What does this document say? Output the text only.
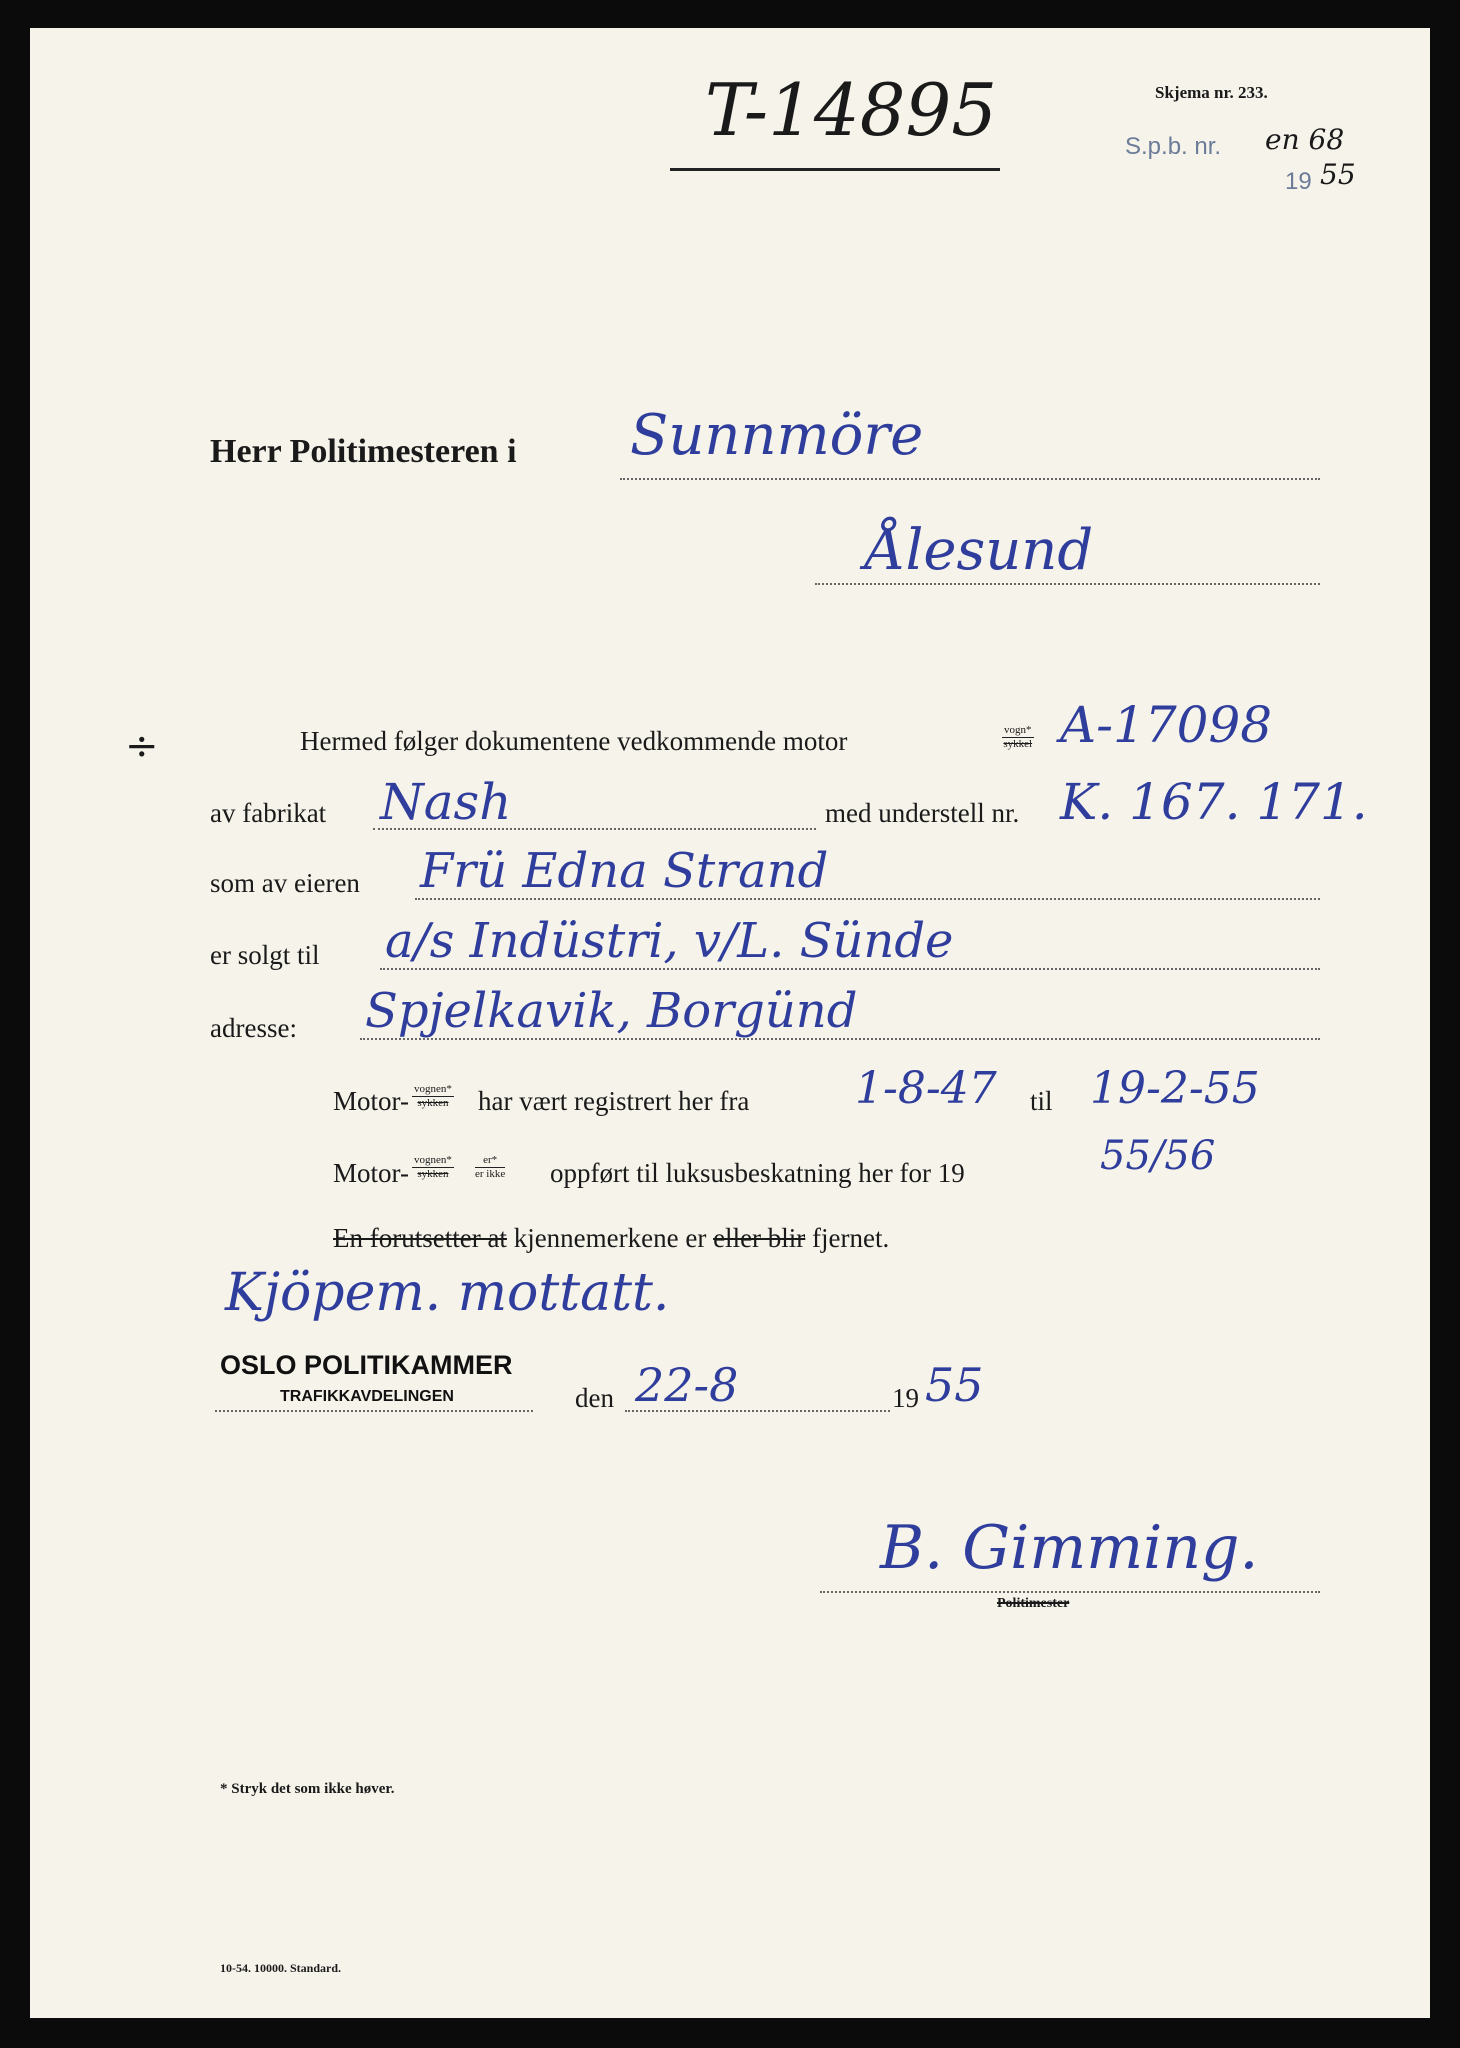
T-14895	Skjema nr. 233.
S.p.b. nr. en 68
19 55
Herr Politimesteren i Sunnmöre
Ålesund
÷	Hermed følger dokumentene vedkommende motor	vogn*
sykkel A-17098
av fabrikat Nash	med understell nr. K. 167. 171.
som av eieren Frü Edna Strand
er solgt til a/s Indüstri, v/L. Sünde
adresse: Spjelkavik, Borgünd
Motor- vognen*
sykken har vært registrert her fra 1-8-47 til 19-2-55
Motor- vognen*
sykken
er*
er ikke oppført til luksusbeskatning her for 19	55/56
En forutsetter at kjennemerkene er eller blir fjernet.
Kjöpem. mottatt.
OSLO POLITIKAMMER
TRAFIKKAVDELINGEN	den 22-8	19 55
B. Gimming.
Politimester
* Stryk det som ikke høver.
10-54. 10000. Standard.
